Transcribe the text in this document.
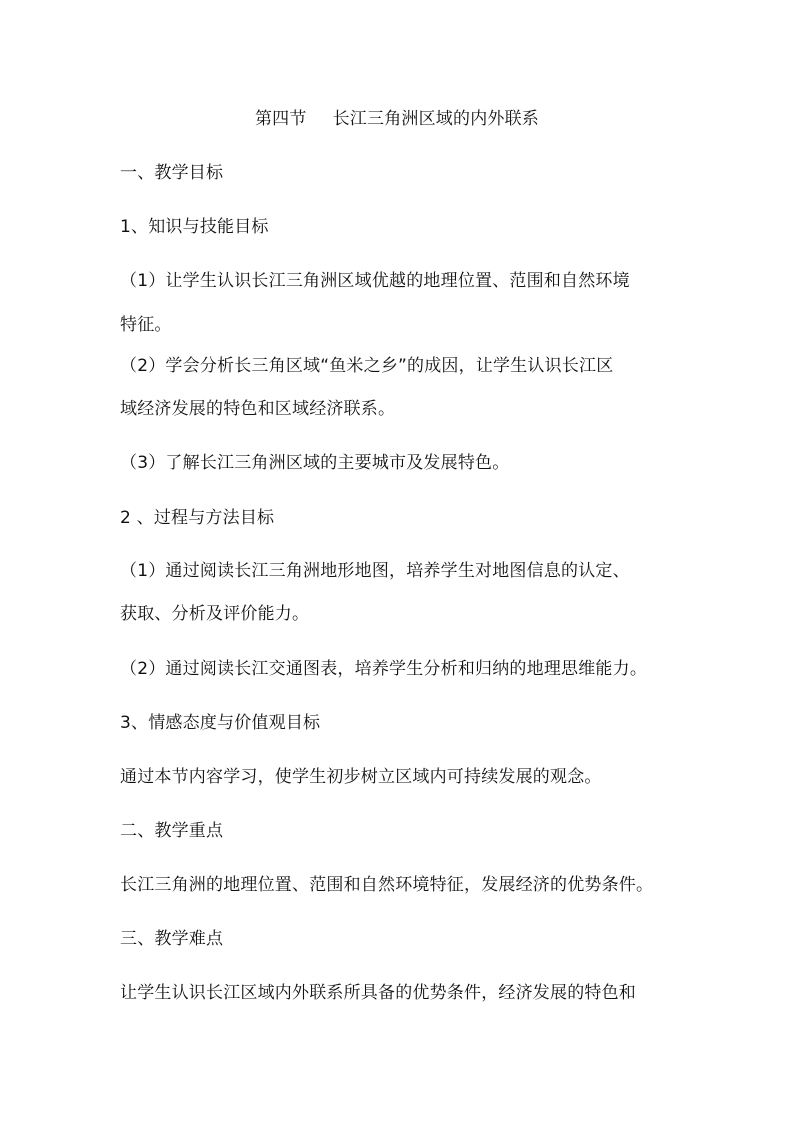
第四节 长江三角洲区域的内外联系
一、教学目标
1、知识与技能目标
（1）让学生认识长江三角洲区域优越的地理位置、范围和自然环境
特征。
（2）学会分析长三角区域“鱼米之乡”的成因，让学生认识长江区
域经济发展的特色和区域经济联系。
（3）了解长江三角洲区域的主要城市及发展特色。
2 、过程与方法目标
（1）通过阅读长江三角洲地形地图，培养学生对地图信息的认定、
获取、分析及评价能力。
（2）通过阅读长江交通图表，培养学生分析和归纳的地理思维能力。
3、情感态度与价值观目标
通过本节内容学习，使学生初步树立区域内可持续发展的观念。
二、教学重点
长江三角洲的地理位置、范围和自然环境特征，发展经济的优势条件。
三、教学难点
让学生认识长江区域内外联系所具备的优势条件，经济发展的特色和
